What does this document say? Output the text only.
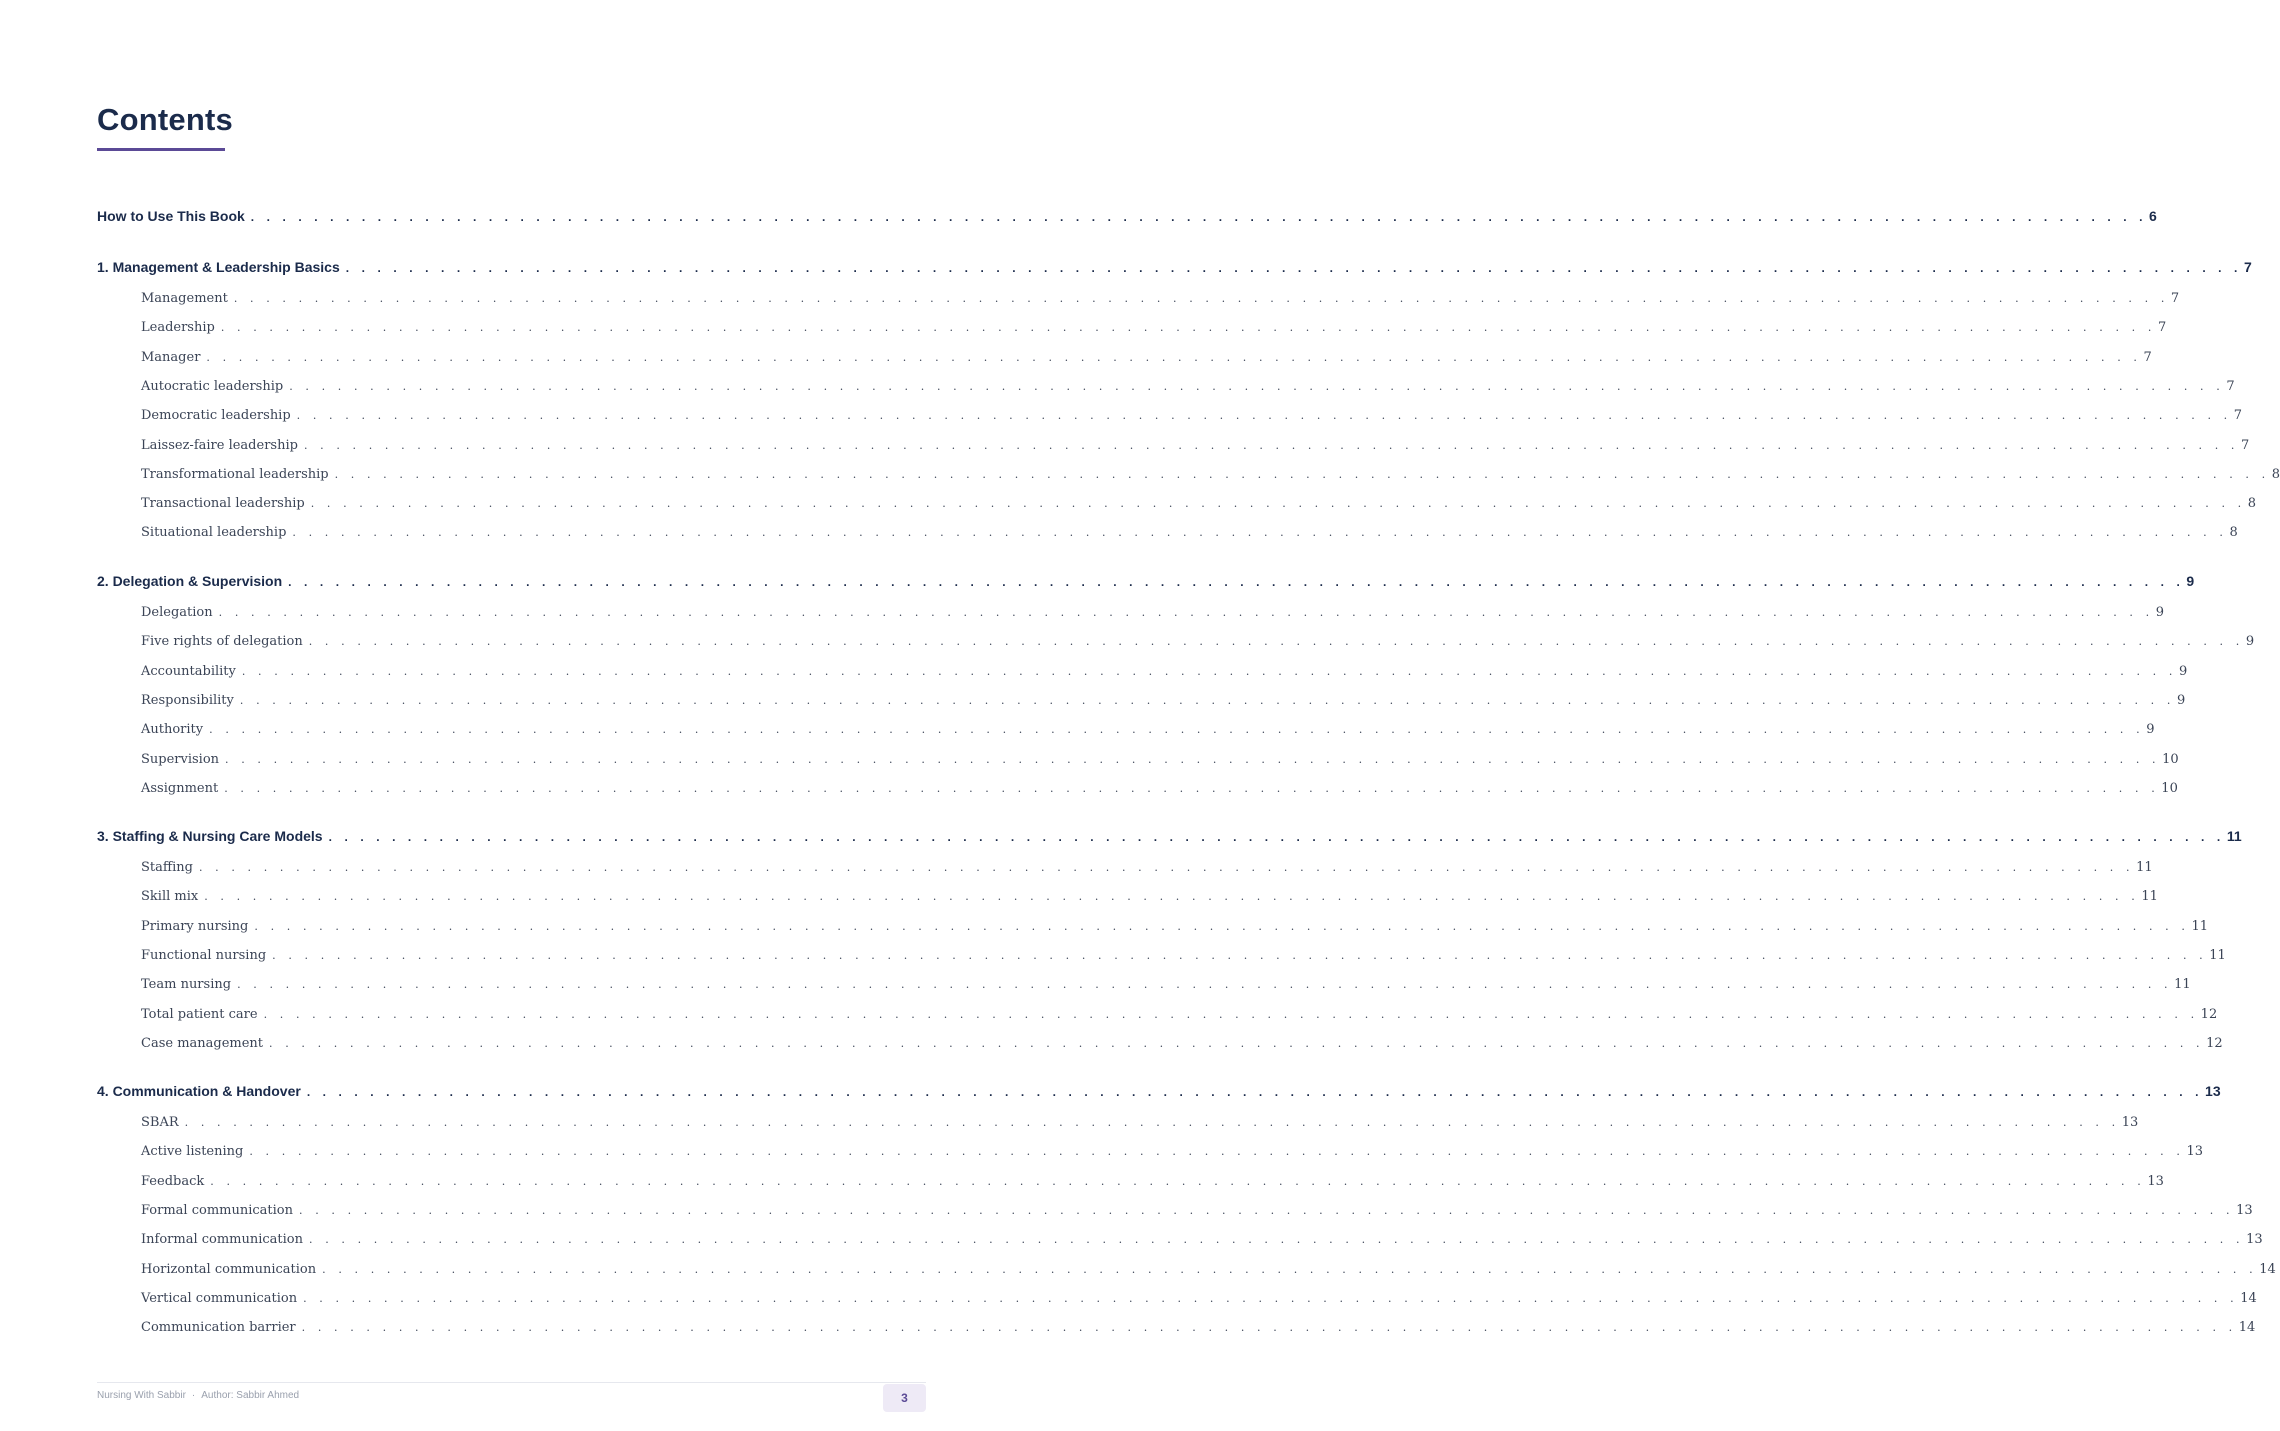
Contents
How to Use This Book . . . . . . . . . . . . . . . . . . . . . . . . . . . . . . . . . . . . . . . . . . . . . . . . . . . . . . . . . . . . . . . . . . . . . . . . . . . . . . . . . . . . . . . . . . . . . . . . . . . . . . . . . . . . . . . . . . . . . . . . 6
1. Management & Leadership Basics . . . . . . . . . . . . . . . . . . . . . . . . . . . . . . . . . . . . . . . . . . . . . . . . . . . . . . . . . . . . . . . . . . . . . . . . . . . . . . . . . . . . . . . . . . . . . . . . . . . . . . . . . . . . . . . . . . . . . . . . 7
Management . . . . . . . . . . . . . . . . . . . . . . . . . . . . . . . . . . . . . . . . . . . . . . . . . . . . . . . . . . . . . . . . . . . . . . . . . . . . . . . . . . . . . . . . . . . . . . . . . . . . . . . . . . . . . . . . . . . . . . . . 7
Leadership . . . . . . . . . . . . . . . . . . . . . . . . . . . . . . . . . . . . . . . . . . . . . . . . . . . . . . . . . . . . . . . . . . . . . . . . . . . . . . . . . . . . . . . . . . . . . . . . . . . . . . . . . . . . . . . . . . . . . . . . 7
Manager . . . . . . . . . . . . . . . . . . . . . . . . . . . . . . . . . . . . . . . . . . . . . . . . . . . . . . . . . . . . . . . . . . . . . . . . . . . . . . . . . . . . . . . . . . . . . . . . . . . . . . . . . . . . . . . . . . . . . . . . 7
Autocratic leadership . . . . . . . . . . . . . . . . . . . . . . . . . . . . . . . . . . . . . . . . . . . . . . . . . . . . . . . . . . . . . . . . . . . . . . . . . . . . . . . . . . . . . . . . . . . . . . . . . . . . . . . . . . . . . . . . . . . . . . . . 7
Democratic leadership . . . . . . . . . . . . . . . . . . . . . . . . . . . . . . . . . . . . . . . . . . . . . . . . . . . . . . . . . . . . . . . . . . . . . . . . . . . . . . . . . . . . . . . . . . . . . . . . . . . . . . . . . . . . . . . . . . . . . . . . 7
Laissez-faire leadership . . . . . . . . . . . . . . . . . . . . . . . . . . . . . . . . . . . . . . . . . . . . . . . . . . . . . . . . . . . . . . . . . . . . . . . . . . . . . . . . . . . . . . . . . . . . . . . . . . . . . . . . . . . . . . . . . . . . . . . . 7
Transformational leadership . . . . . . . . . . . . . . . . . . . . . . . . . . . . . . . . . . . . . . . . . . . . . . . . . . . . . . . . . . . . . . . . . . . . . . . . . . . . . . . . . . . . . . . . . . . . . . . . . . . . . . . . . . . . . . . . . . . . . . . . 8
Transactional leadership . . . . . . . . . . . . . . . . . . . . . . . . . . . . . . . . . . . . . . . . . . . . . . . . . . . . . . . . . . . . . . . . . . . . . . . . . . . . . . . . . . . . . . . . . . . . . . . . . . . . . . . . . . . . . . . . . . . . . . . . 8
Situational leadership . . . . . . . . . . . . . . . . . . . . . . . . . . . . . . . . . . . . . . . . . . . . . . . . . . . . . . . . . . . . . . . . . . . . . . . . . . . . . . . . . . . . . . . . . . . . . . . . . . . . . . . . . . . . . . . . . . . . . . . . 8
2. Delegation & Supervision . . . . . . . . . . . . . . . . . . . . . . . . . . . . . . . . . . . . . . . . . . . . . . . . . . . . . . . . . . . . . . . . . . . . . . . . . . . . . . . . . . . . . . . . . . . . . . . . . . . . . . . . . . . . . . . . . . . . . . . . 9
Delegation . . . . . . . . . . . . . . . . . . . . . . . . . . . . . . . . . . . . . . . . . . . . . . . . . . . . . . . . . . . . . . . . . . . . . . . . . . . . . . . . . . . . . . . . . . . . . . . . . . . . . . . . . . . . . . . . . . . . . . . . 9
Five rights of delegation . . . . . . . . . . . . . . . . . . . . . . . . . . . . . . . . . . . . . . . . . . . . . . . . . . . . . . . . . . . . . . . . . . . . . . . . . . . . . . . . . . . . . . . . . . . . . . . . . . . . . . . . . . . . . . . . . . . . . . . . 9
Accountability . . . . . . . . . . . . . . . . . . . . . . . . . . . . . . . . . . . . . . . . . . . . . . . . . . . . . . . . . . . . . . . . . . . . . . . . . . . . . . . . . . . . . . . . . . . . . . . . . . . . . . . . . . . . . . . . . . . . . . . . 9
Responsibility . . . . . . . . . . . . . . . . . . . . . . . . . . . . . . . . . . . . . . . . . . . . . . . . . . . . . . . . . . . . . . . . . . . . . . . . . . . . . . . . . . . . . . . . . . . . . . . . . . . . . . . . . . . . . . . . . . . . . . . . 9
Authority . . . . . . . . . . . . . . . . . . . . . . . . . . . . . . . . . . . . . . . . . . . . . . . . . . . . . . . . . . . . . . . . . . . . . . . . . . . . . . . . . . . . . . . . . . . . . . . . . . . . . . . . . . . . . . . . . . . . . . . . 9
Supervision . . . . . . . . . . . . . . . . . . . . . . . . . . . . . . . . . . . . . . . . . . . . . . . . . . . . . . . . . . . . . . . . . . . . . . . . . . . . . . . . . . . . . . . . . . . . . . . . . . . . . . . . . . . . . . . . . . . . . . . . 10
Assignment . . . . . . . . . . . . . . . . . . . . . . . . . . . . . . . . . . . . . . . . . . . . . . . . . . . . . . . . . . . . . . . . . . . . . . . . . . . . . . . . . . . . . . . . . . . . . . . . . . . . . . . . . . . . . . . . . . . . . . . . 10
3. Staffing & Nursing Care Models . . . . . . . . . . . . . . . . . . . . . . . . . . . . . . . . . . . . . . . . . . . . . . . . . . . . . . . . . . . . . . . . . . . . . . . . . . . . . . . . . . . . . . . . . . . . . . . . . . . . . . . . . . . . . . . . . . . . . . . . 11
Staffing . . . . . . . . . . . . . . . . . . . . . . . . . . . . . . . . . . . . . . . . . . . . . . . . . . . . . . . . . . . . . . . . . . . . . . . . . . . . . . . . . . . . . . . . . . . . . . . . . . . . . . . . . . . . . . . . . . . . . . . . 11
Skill mix . . . . . . . . . . . . . . . . . . . . . . . . . . . . . . . . . . . . . . . . . . . . . . . . . . . . . . . . . . . . . . . . . . . . . . . . . . . . . . . . . . . . . . . . . . . . . . . . . . . . . . . . . . . . . . . . . . . . . . . . 11
Primary nursing . . . . . . . . . . . . . . . . . . . . . . . . . . . . . . . . . . . . . . . . . . . . . . . . . . . . . . . . . . . . . . . . . . . . . . . . . . . . . . . . . . . . . . . . . . . . . . . . . . . . . . . . . . . . . . . . . . . . . . . . 11
Functional nursing . . . . . . . . . . . . . . . . . . . . . . . . . . . . . . . . . . . . . . . . . . . . . . . . . . . . . . . . . . . . . . . . . . . . . . . . . . . . . . . . . . . . . . . . . . . . . . . . . . . . . . . . . . . . . . . . . . . . . . . . 11
Team nursing . . . . . . . . . . . . . . . . . . . . . . . . . . . . . . . . . . . . . . . . . . . . . . . . . . . . . . . . . . . . . . . . . . . . . . . . . . . . . . . . . . . . . . . . . . . . . . . . . . . . . . . . . . . . . . . . . . . . . . . . 11
Total patient care . . . . . . . . . . . . . . . . . . . . . . . . . . . . . . . . . . . . . . . . . . . . . . . . . . . . . . . . . . . . . . . . . . . . . . . . . . . . . . . . . . . . . . . . . . . . . . . . . . . . . . . . . . . . . . . . . . . . . . . . 12
Case management . . . . . . . . . . . . . . . . . . . . . . . . . . . . . . . . . . . . . . . . . . . . . . . . . . . . . . . . . . . . . . . . . . . . . . . . . . . . . . . . . . . . . . . . . . . . . . . . . . . . . . . . . . . . . . . . . . . . . . . . 12
4. Communication & Handover . . . . . . . . . . . . . . . . . . . . . . . . . . . . . . . . . . . . . . . . . . . . . . . . . . . . . . . . . . . . . . . . . . . . . . . . . . . . . . . . . . . . . . . . . . . . . . . . . . . . . . . . . . . . . . . . . . . . . . . . 13
SBAR . . . . . . . . . . . . . . . . . . . . . . . . . . . . . . . . . . . . . . . . . . . . . . . . . . . . . . . . . . . . . . . . . . . . . . . . . . . . . . . . . . . . . . . . . . . . . . . . . . . . . . . . . . . . . . . . . . . . . . . . 13
Active listening . . . . . . . . . . . . . . . . . . . . . . . . . . . . . . . . . . . . . . . . . . . . . . . . . . . . . . . . . . . . . . . . . . . . . . . . . . . . . . . . . . . . . . . . . . . . . . . . . . . . . . . . . . . . . . . . . . . . . . . . 13
Feedback . . . . . . . . . . . . . . . . . . . . . . . . . . . . . . . . . . . . . . . . . . . . . . . . . . . . . . . . . . . . . . . . . . . . . . . . . . . . . . . . . . . . . . . . . . . . . . . . . . . . . . . . . . . . . . . . . . . . . . . . 13
Formal communication . . . . . . . . . . . . . . . . . . . . . . . . . . . . . . . . . . . . . . . . . . . . . . . . . . . . . . . . . . . . . . . . . . . . . . . . . . . . . . . . . . . . . . . . . . . . . . . . . . . . . . . . . . . . . . . . . . . . . . . . 13
Informal communication . . . . . . . . . . . . . . . . . . . . . . . . . . . . . . . . . . . . . . . . . . . . . . . . . . . . . . . . . . . . . . . . . . . . . . . . . . . . . . . . . . . . . . . . . . . . . . . . . . . . . . . . . . . . . . . . . . . . . . . . 13
Horizontal communication . . . . . . . . . . . . . . . . . . . . . . . . . . . . . . . . . . . . . . . . . . . . . . . . . . . . . . . . . . . . . . . . . . . . . . . . . . . . . . . . . . . . . . . . . . . . . . . . . . . . . . . . . . . . . . . . . . . . . . . . 14
Vertical communication . . . . . . . . . . . . . . . . . . . . . . . . . . . . . . . . . . . . . . . . . . . . . . . . . . . . . . . . . . . . . . . . . . . . . . . . . . . . . . . . . . . . . . . . . . . . . . . . . . . . . . . . . . . . . . . . . . . . . . . . 14
Communication barrier . . . . . . . . . . . . . . . . . . . . . . . . . . . . . . . . . . . . . . . . . . . . . . . . . . . . . . . . . . . . . . . . . . . . . . . . . . . . . . . . . . . . . . . . . . . . . . . . . . . . . . . . . . . . . . . . . . . . . . . . 14
Nursing With Sabbir · Author: Sabbir Ahmed	3
